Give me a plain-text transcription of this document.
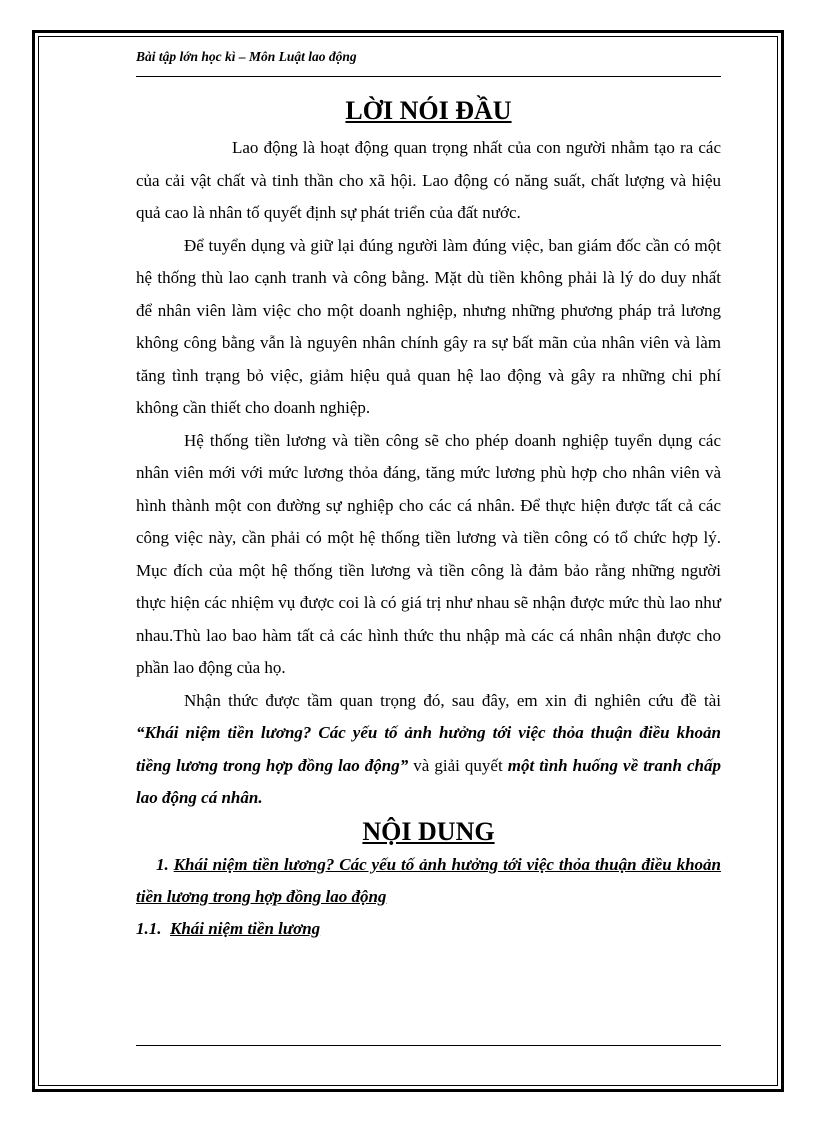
Bài tập lớn học kì – Môn Luật lao động
LỜI NÓI ĐẦU

Lao động là hoạt động quan trọng nhất của con người nhằm tạo ra các của cải vật chất và tinh thần cho xã hội. Lao động có năng suất, chất lượng và hiệu quả cao là nhân tố quyết định sự phát triển của đất nước.

Để tuyển dụng và giữ lại đúng người làm đúng việc, ban giám đốc cần có một hệ thống thù lao cạnh tranh và công bằng. Mặt dù tiền không phải là lý do duy nhất để nhân viên làm việc cho một doanh nghiệp, nhưng những phương pháp trả lương không công bằng vẫn là nguyên nhân chính gây ra sự bất mãn của nhân viên và làm tăng tình trạng bỏ việc, giảm hiệu quả quan hệ lao động và gây ra những chi phí không cần thiết cho doanh nghiệp.

Hệ thống tiền lương và tiền công sẽ cho phép doanh nghiệp tuyển dụng các nhân viên mới với mức lương thỏa đáng, tăng mức lương phù hợp cho nhân viên và hình thành một con đường sự nghiệp cho các cá nhân. Để thực hiện được tất cả các công việc này, cần phải có một hệ thống tiền lương và tiền công có tổ chức hợp lý. Mục đích của một hệ thống tiền lương và tiền công là đảm bảo rằng những người thực hiện các nhiệm vụ được coi là có giá trị như nhau sẽ nhận được mức thù lao như nhau.Thù lao bao hàm tất cả các hình thức thu nhập mà các cá nhân nhận được cho phần lao động của họ.

Nhận thức được tầm quan trọng đó, sau đây, em xin đi nghiên cứu đề tài “Khái niệm tiền lương? Các yếu tố ảnh hưởng tới việc thỏa thuận điều khoản tiềng lương trong hợp đồng lao động” và giải quyết một tình huống về tranh chấp lao động cá nhân.

NỘI DUNG

1. Khái niệm tiền lương? Các yếu tố ảnh hưởng tới việc thỏa thuận điều khoản tiền lương trong hợp đồng lao động

1.1. Khái niệm tiền lương
